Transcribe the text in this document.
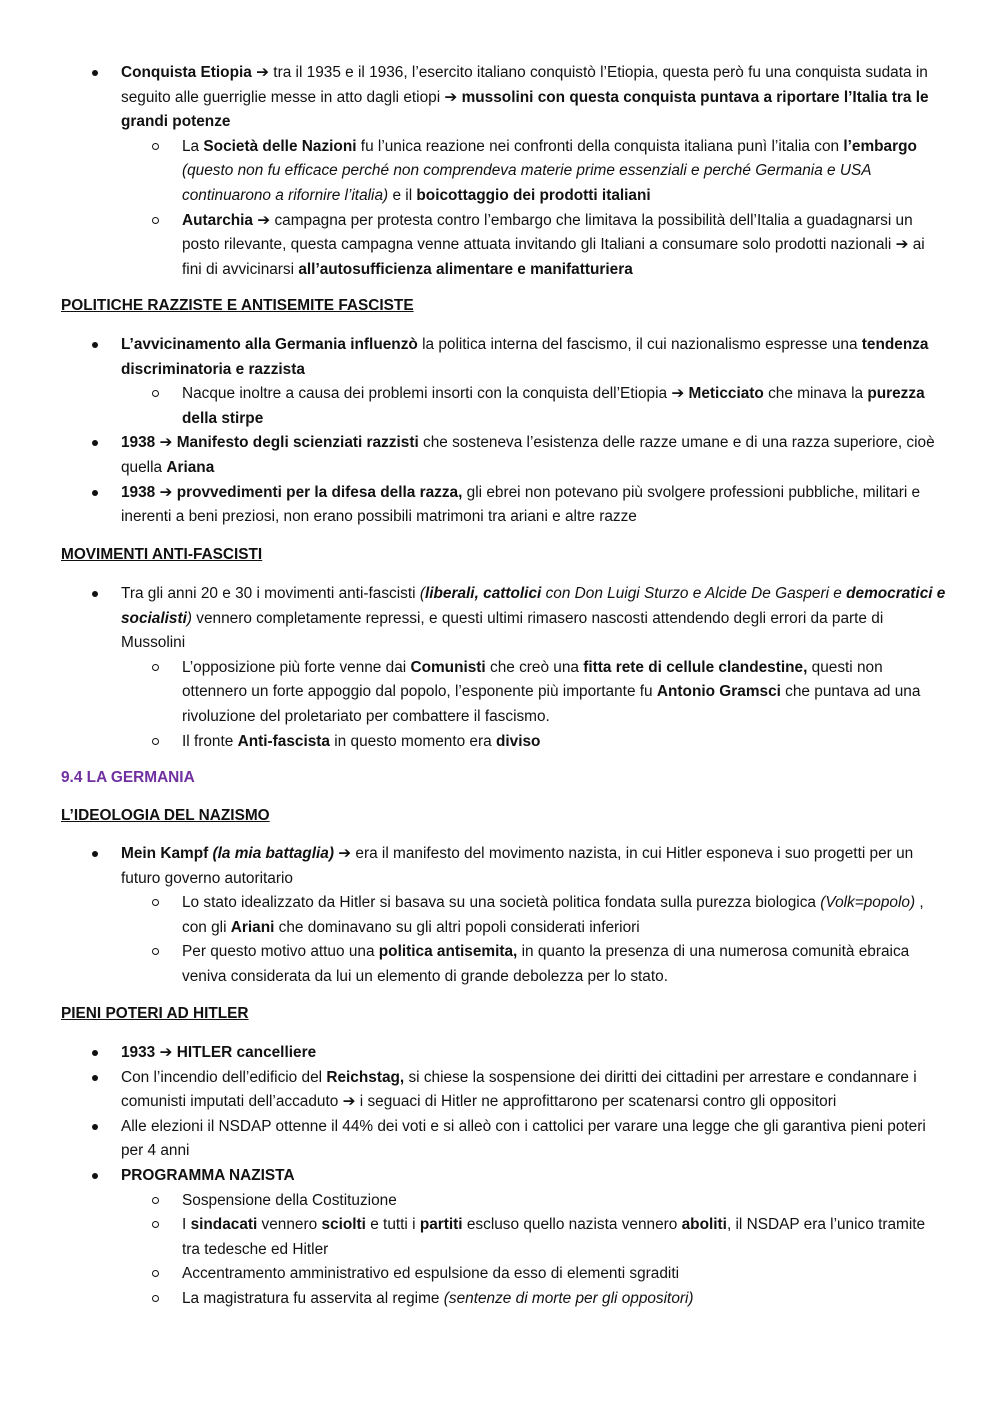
Conquista Etiopia ➔ tra il 1935 e il 1936, l’esercito italiano conquistò l’Etiopia, questa però fu una conquista sudata in seguito alle guerriglie messe in atto dagli etiopi ➔ mussolini con questa conquista puntava a riportare l’Italia tra le grandi potenze
La Società delle Nazioni fu l’unica reazione nei confronti della conquista italiana punì l’italia con l’embargo (questo non fu efficace perché non comprendeva materie prime essenziali e perché Germania e USA continuarono a rifornire l’italia) e il boicottaggio dei prodotti italiani
Autarchia ➔ campagna per protesta contro l’embargo che limitava la possibilità dell’Italia a guadagnarsi un posto rilevante, questa campagna venne attuata invitando gli Italiani a consumare solo prodotti nazionali ➔ ai fini di avvicinarsi all’autosufficienza alimentare e manifatturiera
POLITICHE RAZZISTE E ANTISEMITE FASCISTE
L’avvicinamento alla Germania influenzò la politica interna del fascismo, il cui nazionalismo espresse una tendenza discriminatoria e razzista
Nacque inoltre a causa dei problemi insorti con la conquista dell’Etiopia ➔ Meticciato che minava la purezza della stirpe
1938 ➔ Manifesto degli scienziati razzisti che sosteneva l’esistenza delle razze umane e di una razza superiore, cioè quella Ariana
1938 ➔ provvedimenti per la difesa della razza, gli ebrei non potevano più svolgere professioni pubbliche, militari e inerenti a beni preziosi, non erano possibili matrimoni tra ariani e altre razze
MOVIMENTI ANTI-FASCISTI
Tra gli anni 20 e 30 i movimenti anti-fascisti (liberali, cattolici con Don Luigi Sturzo e Alcide De Gasperi e democratici e socialisti) vennero completamente repressi, e questi ultimi rimasero nascosti attendendo degli errori da parte di Mussolini
L’opposizione più forte venne dai Comunisti che creò una fitta rete di cellule clandestine, questi non ottennero un forte appoggio dal popolo, l’esponente più importante fu Antonio Gramsci che puntava ad una rivoluzione del proletariato per combattere il fascismo.
Il fronte Anti-fascista in questo momento era diviso
9.4 LA GERMANIA
L’IDEOLOGIA DEL NAZISMO
Mein Kampf (la mia battaglia) ➔ era il manifesto del movimento nazista, in cui Hitler esponeva i suo progetti per un futuro governo autoritario
Lo stato idealizzato da Hitler si basava su una società politica fondata sulla purezza biologica (Volk=popolo) , con gli Ariani che dominavano su gli altri popoli considerati inferiori
Per questo motivo attuo una politica antisemita, in quanto la presenza di una numerosa comunità ebraica veniva considerata da lui un elemento di grande debolezza per lo stato.
PIENI POTERI AD HITLER
1933 ➔ HITLER cancelliere
Con l’incendio dell’edificio del Reichstag, si chiese la sospensione dei diritti dei cittadini per arrestare e condannare i comunisti imputati dell’accaduto ➔ i seguaci di Hitler ne approfittarono per scatenarsi contro gli oppositori
Alle elezioni il NSDAP ottenne il 44% dei voti e si alleò con i cattolici per varare una legge che gli garantiva pieni poteri per 4 anni
PROGRAMMA NAZISTA
Sospensione della Costituzione
I sindacati vennero sciolti e tutti i partiti escluso quello nazista vennero aboliti, il NSDAP era l’unico tramite tra tedesche ed Hitler
Accentramento amministrativo ed espulsione da esso di elementi sgraditi
La magistratura fu asservita al regime (sentenze di morte per gli oppositori)
